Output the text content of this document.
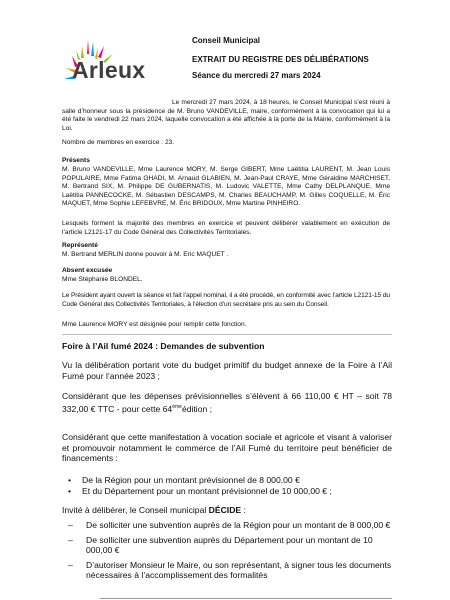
Arleux
Conseil Municipal
EXTRAIT DU REGISTRE DES DÉLIBÉRATIONS
Séance du mercredi 27 mars 2024
Le mercredi 27 mars 2024, à 18 heures, le Conseil Municipal s’est réuni à salle d’honneur sous la présidence de M. Bruno VANDEVILLE, maire, conformément à la convocation qui lui a été faite le vendredi 22 mars 2024, laquelle convocation a été affichée à la porte de la Mairie, conformément à la Loi.
Nombre de membres en exercice : 23.
Présents
M. Bruno VANDEVILLE, Mme Laurence MORY, M. Serge GIBERT, Mme Laëtitia LAURENT, M. Jean Louis POPULAIRE, Mme Fatima GHADI, M. Arnaud GLABIEN, M. Jean-Paul CRAYE, Mme Géraldine MARCHISET, M. Bertrand SIX, M. Philippe DE GUBERNATIS, M. Ludovic VALETTE, Mme Cathy DELPLANQUE, Mme Laëtitia PANNECOCKE, M. Sébastien DESCAMPS, M. Charles BEAUCHAMP, M. Gilles COQUELLE, M. Éric MAQUET, Mme Sophie LEFEBVRE, M. Éric BRIDOUX, Mme Martine PINHEIRO.
Lesquels forment la majorité des membres en exercice et peuvent délibérer valablement en exécution de l’article L2121-17 du Code Général des Collectivités Territoriales.
Représenté
M. Bertrand MERLIN donne pouvoir à M. Eric MAQUET .
Absent excusée
Mme Stéphanie BLONDEL.
Le Président ayant ouvert la séance et fait l’appel nominal, il a été procédé, en conformité avec l’article L2121-15 du Code Général des Collectivités Territoriales, à l’élection d’un secrétaire pris au sein du Conseil.
Mme Laurence MORY est désignée pour remplir cette fonction.
Foire à l’Ail fumé 2024 : Demandes de subvention
Vu la délibération portant vote du budget primitif du budget annexe de la Foire à l’Ail Fumé pour l’année 2023 ;
Considérant que les dépenses prévisionnelles s’élèvent à 66 110,00 € HT – soit 78 332,00 € TTC - pour cette 64èmeédition ;
Considérant que cette manifestation à vocation sociale et agricole et visant à valoriser et promouvoir notamment le commerce de l’Ail Fumé du territoire peut bénéficier de financements :
• De la Région pour un montant prévisionnel de 8 000,00 €
• Et du Département pour un montant prévisionnel de 10 000,00 € ;
Invité à délibérer, le Conseil municipal DÉCIDE :
– De solliciter une subvention auprès de la Région pour un montant de 8 000,00 €
– De solliciter une subvention auprès du Département pour un montant de 10 000,00 €
– D’autoriser Monsieur le Maire, ou son représentant, à signer tous les documents nécessaires à l’accomplissement des formalités
